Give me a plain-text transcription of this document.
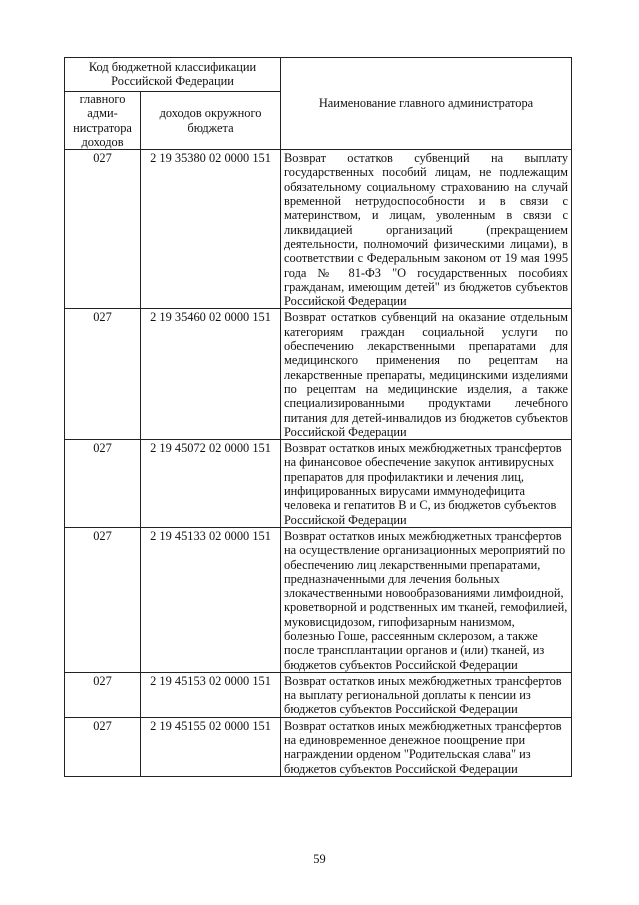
Код бюджетной классификации Российской Федерации		Наименование главного администратора
главного адми-нистратора доходов	доходов окружного бюджета	
027	2 19 35380 02 0000 151	Возврат остатков субвенций на выплату государственных пособий лицам, не подлежащим обязательному социальному страхованию на случай временной нетрудоспособности и в связи с материнством, и лицам, уволенным в связи с ликвидацией организаций (прекращением деятельности, полномочий физическими лицами), в соответствии с Федеральным законом от 19 мая 1995 года № 81-ФЗ "О государственных пособиях гражданам, имеющим детей" из бюджетов субъектов Российской Федерации
027	2 19 35460 02 0000 151	Возврат остатков субвенций на оказание отдельным категориям граждан социальной услуги по обеспечению лекарственными препаратами для медицинского применения по рецептам на лекарственные препараты, медицинскими изделиями по рецептам на медицинские изделия, а также специализированными продуктами лечебного питания для детей-инвалидов из бюджетов субъектов Российской Федерации
027	2 19 45072 02 0000 151	Возврат остатков иных межбюджетных трансфертов на финансовое обеспечение закупок антивирусных препаратов для профилактики и лечения лиц, инфицированных вирусами иммунодефицита человека и гепатитов В и С, из бюджетов субъектов Российской Федерации
027	2 19 45133 02 0000 151	Возврат остатков иных межбюджетных трансфертов на осуществление организационных мероприятий по обеспечению лиц лекарственными препаратами, предназначенными для лечения больных злокачественными новообразованиями лимфоидной, кроветворной и родственных им тканей, гемофилией, муковисцидозом, гипофизарным нанизмом, болезнью Гоше, рассеянным склерозом, а также после трансплантации органов и (или) тканей, из бюджетов субъектов Российской Федерации
027	2 19 45153 02 0000 151	Возврат остатков иных межбюджетных трансфертов на выплату региональной доплаты к пенсии из бюджетов субъектов Российской Федерации
027	2 19 45155 02 0000 151	Возврат остатков иных межбюджетных трансфертов на единовременное денежное поощрение при награждении орденом "Родительская слава" из бюджетов субъектов Российской Федерации
59
